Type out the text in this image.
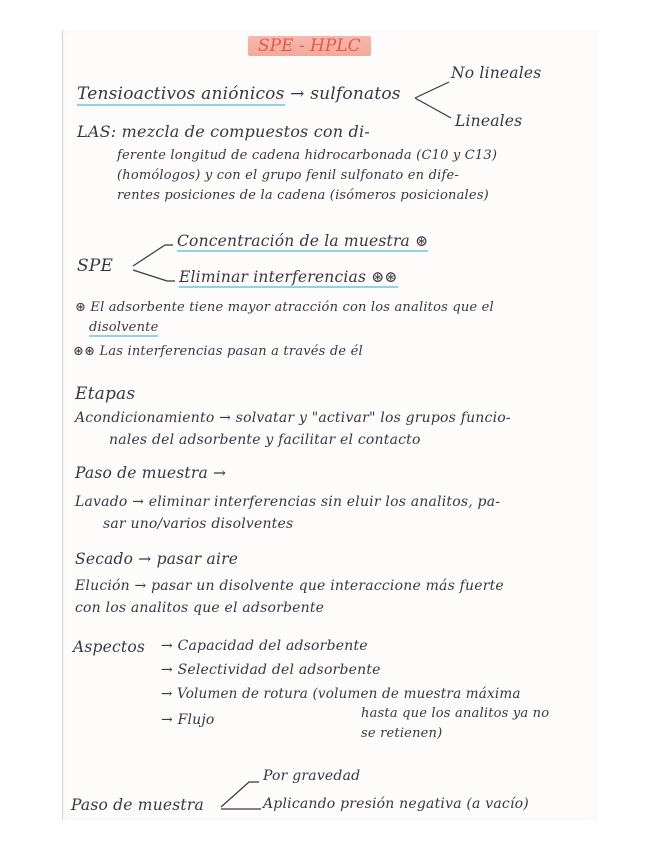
SPE - HPLC
Tensioactivos aniónicos → sulfonatos
No lineales
Lineales
LAS: mezcla de compuestos con di-
ferente longitud de cadena hidrocarbonada (C10 y C13)
(homólogos) y con el grupo fenil sulfonato en dife-
rentes posiciones de la cadena (isómeros posicionales)
SPE
Concentración de la muestra ⊛
Eliminar interferencias ⊛⊛
⊛ El adsorbente tiene mayor atracción con los analitos que el
disolvente
⊛⊛ Las interferencias pasan a través de él
Etapas
Acondicionamiento → solvatar y "activar" los grupos funcio-
nales del adsorbente y facilitar el contacto
Paso de muestra →
Lavado → eliminar interferencias sin eluir los analitos, pa-
sar uno/varios disolventes
Secado → pasar aire
Elución → pasar un disolvente que interaccione más fuerte
con los analitos que el adsorbente
Aspectos → Capacidad del adsorbente
→ Selectividad del adsorbente
→ Volumen de rotura (volumen de muestra máxima
hasta que los analitos ya no
se retienen)
→ Flujo
Paso de muestra
Por gravedad
Aplicando presión negativa (a vacío)
